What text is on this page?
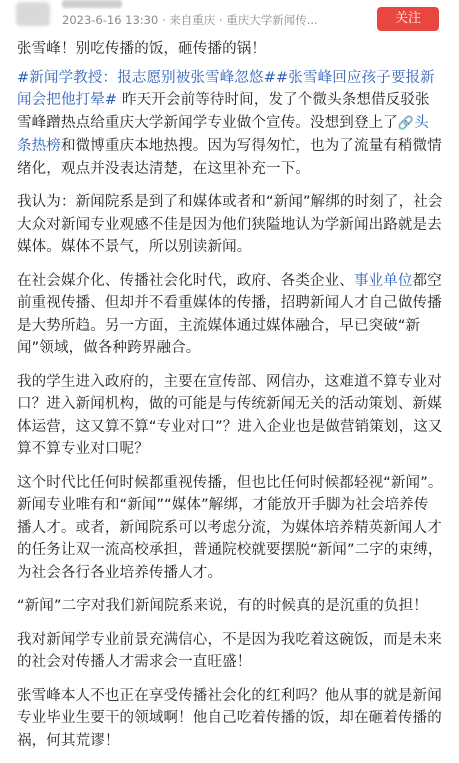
2023-6-16 13:30 · 来自重庆 · 重庆大学新闻传...	关注

张雪峰！别吃传播的饭，砸传播的锅！

#新闻学教授：报志愿别被张雪峰忽悠##张雪峰回应孩子要报新闻会把他打晕# 昨天开会前等待时间，发了个微头条想借反驳张雪峰蹭热点给重庆大学新闻学专业做个宣传。没想到登上了🔗头条热榜和微博重庆本地热搜。因为写得匆忙，也为了流量有稍微情绪化，观点并没表达清楚，在这里补充一下。

我认为：新闻院系是到了和媒体或者和“新闻”解绑的时刻了，社会大众对新闻专业观感不佳是因为他们狭隘地认为学新闻出路就是去媒体。媒体不景气，所以别读新闻。

在社会媒介化、传播社会化时代，政府、各类企业、事业单位都空前重视传播、但却并不看重媒体的传播，招聘新闻人才自己做传播是大势所趋。另一方面，主流媒体通过媒体融合，早已突破“新闻”领域，做各种跨界融合。

我的学生进入政府的，主要在宣传部、网信办，这难道不算专业对口？进入新闻机构，做的可能是与传统新闻无关的活动策划、新媒体运营，这又算不算“专业对口”？进入企业也是做营销策划，这又算不算专业对口呢？

这个时代比任何时候都重视传播，但也比任何时候都轻视“新闻”。新闻专业唯有和“新闻”“媒体”解绑，才能放开手脚为社会培养传播人才。或者，新闻院系可以考虑分流，为媒体培养精英新闻人才的任务让双一流高校承担，普通院校就要摆脱“新闻”二字的束缚，为社会各行各业培养传播人才。

“新闻”二字对我们新闻院系来说，有的时候真的是沉重的负担！

我对新闻学专业前景充满信心，不是因为我吃着这碗饭，而是未来的社会对传播人才需求会一直旺盛！

张雪峰本人不也正在享受传播社会化的红利吗？他从事的就是新闻专业毕业生要干的领域啊！他自己吃着传播的饭，却在砸着传播的祸，何其荒谬！
